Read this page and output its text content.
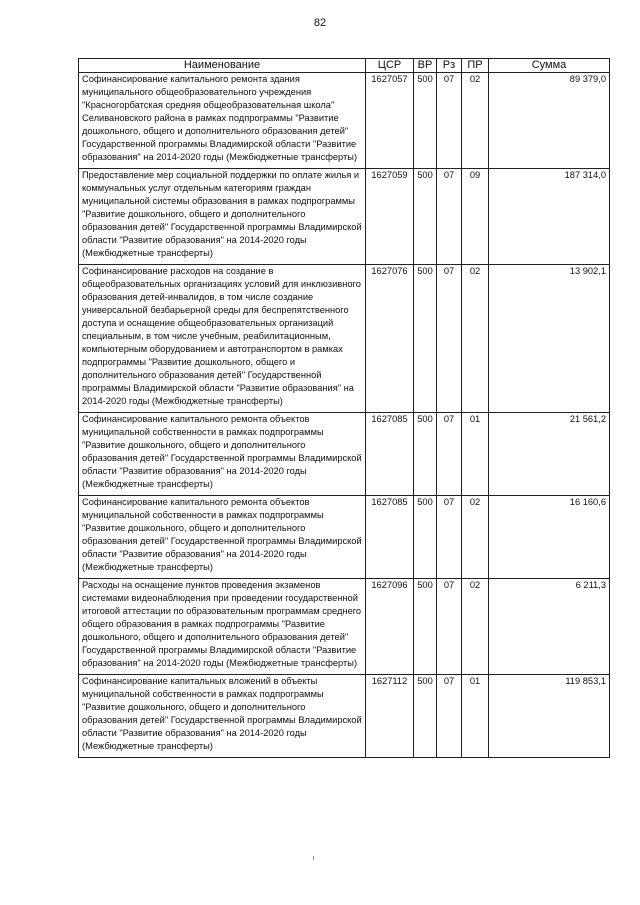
82
Наименование	ЦСР	ВР	Рз	ПР	Сумма
Софинансирование капитального ремонта здания муниципального общеобразовательного учреждения "Красногорбатская средняя общеобразовательная школа" Селивановского района в рамках подпрограммы "Развитие дошкольного, общего и дополнительного образования детей" Государственной программы Владимирской области "Развитие образования" на 2014-2020 годы (Межбюджетные трансферты)	1627057	500	07	02	89 379,0
Предоставление мер социальной поддержки по оплате жилья и коммунальных услуг отдельным категориям граждан муниципальной системы образования в рамках подпрограммы "Развитие дошкольного, общего и дополнительного образования детей" Государственной программы Владимирской области "Развитие образования" на 2014-2020 годы (Межбюджетные трансферты)	1627059	500	07	09	187 314,0
Софинансирование расходов на создание в общеобразовательных организациях условий для инклюзивного образования детей-инвалидов, в том числе создание универсальной безбарьерной среды для беспрепятственного доступа и оснащение общеобразовательных организаций специальным, в том числе учебным, реабилитационным, компьютерным оборудованием и автотранспортом в рамках подпрограммы "Развитие дошкольного, общего и дополнительного образования детей" Государственной программы Владимирской области "Развитие образования" на 2014-2020 годы (Межбюджетные трансферты)	1627076	500	07	02	13 902,1
Софинансирование капитального ремонта объектов муниципальной собственности в рамках подпрограммы "Развитие дошкольного, общего и дополнительного образования детей" Государственной программы Владимирской области "Развитие образования" на 2014-2020 годы (Межбюджетные трансферты)	1627085	500	07	01	21 561,2
Софинансирование капитального ремонта объектов муниципальной собственности в рамках подпрограммы "Развитие дошкольного, общего и дополнительного образования детей" Государственной программы Владимирской области "Развитие образования" на 2014-2020 годы (Межбюджетные трансферты)	1627085	500	07	02	16 160,6
Расходы на оснащение пунктов проведения экзаменов системами видеонаблюдения при проведении государственной итоговой аттестации по образовательным программам среднего общего образования в рамках подпрограммы "Развитие дошкольного, общего и дополнительного образования детей" Государственной программы Владимирской области "Развитие образования" на 2014-2020 годы (Межбюджетные трансферты)	1627096	500	07	02	6 211,3
Софинансирование капитальных вложений в объекты муниципальной собственности в рамках подпрограммы "Развитие дошкольного, общего и дополнительного образования детей" Государственной программы Владимирской области "Развитие образования" на 2014-2020 годы (Межбюджетные трансферты)	1627112	500	07	01	119 853,1
